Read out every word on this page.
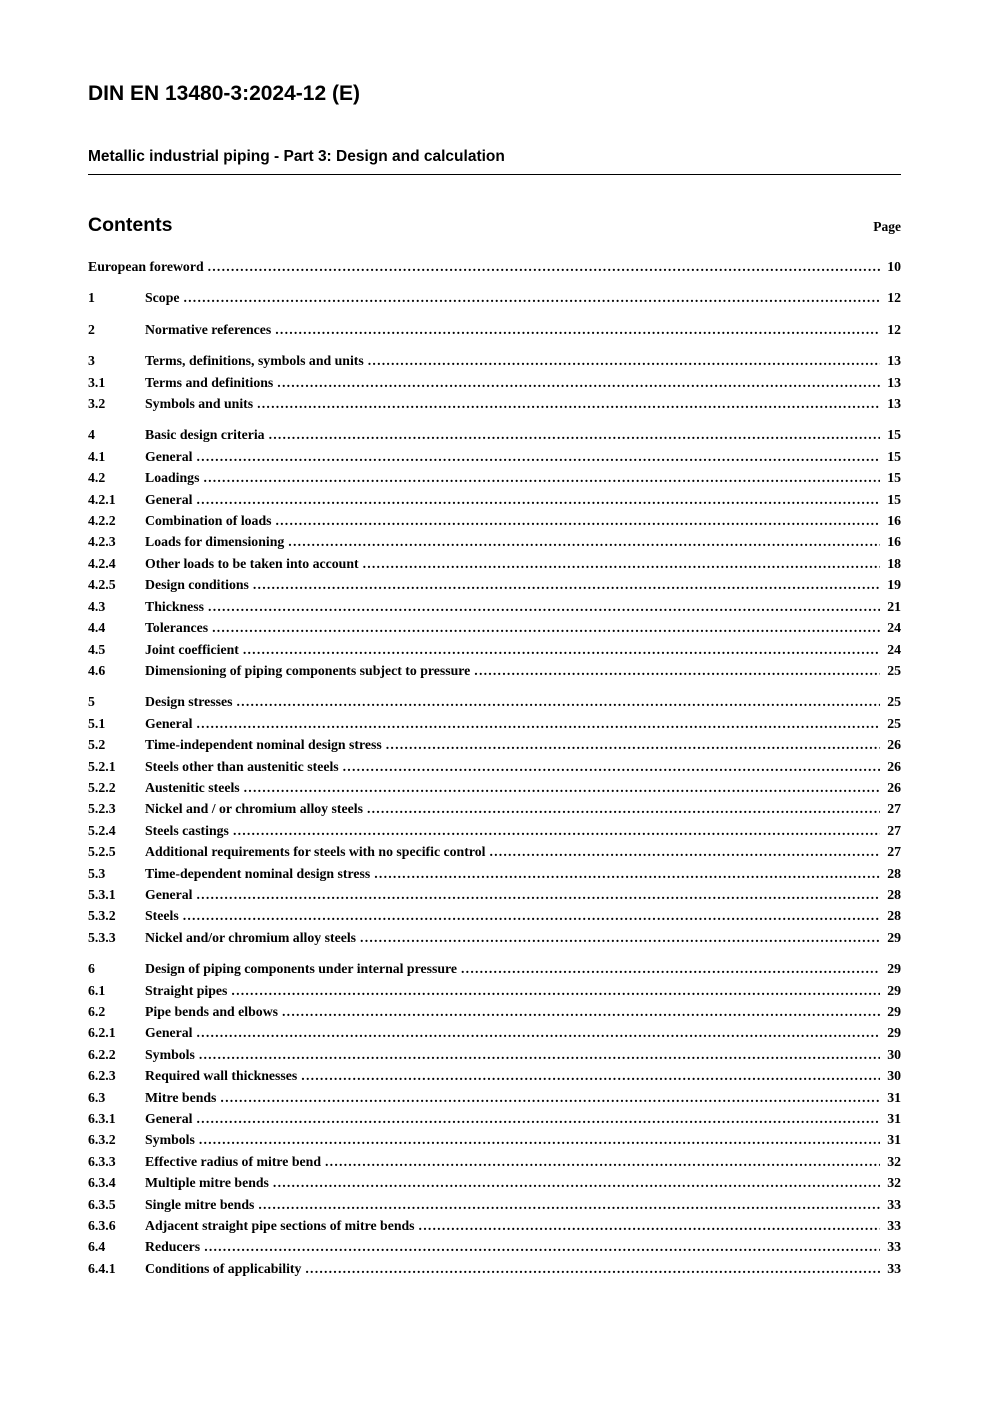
DIN EN 13480-3:2024-12 (E)
Metallic industrial piping - Part 3: Design and calculation
Contents	Page
European foreword .....	10
1	Scope .....	12
2	Normative references .....	12
3	Terms, definitions, symbols and units .....	13
3.1	Terms and definitions .....	13
3.2	Symbols and units .....	13
4	Basic design criteria .....	15
4.1	General .....	15
4.2	Loadings .....	15
4.2.1	General .....	15
4.2.2	Combination of loads .....	16
4.2.3	Loads for dimensioning .....	16
4.2.4	Other loads to be taken into account .....	18
4.2.5	Design conditions .....	19
4.3	Thickness .....	21
4.4	Tolerances .....	24
4.5	Joint coefficient .....	24
4.6	Dimensioning of piping components subject to pressure .....	25
5	Design stresses .....	25
5.1	General .....	25
5.2	Time-independent nominal design stress .....	26
5.2.1	Steels other than austenitic steels .....	26
5.2.2	Austenitic steels .....	26
5.2.3	Nickel and / or chromium alloy steels .....	27
5.2.4	Steels castings .....	27
5.2.5	Additional requirements for steels with no specific control .....	27
5.3	Time-dependent nominal design stress .....	28
5.3.1	General .....	28
5.3.2	Steels .....	28
5.3.3	Nickel and/or chromium alloy steels .....	29
6	Design of piping components under internal pressure .....	29
6.1	Straight pipes .....	29
6.2	Pipe bends and elbows .....	29
6.2.1	General .....	29
6.2.2	Symbols .....	30
6.2.3	Required wall thicknesses .....	30
6.3	Mitre bends .....	31
6.3.1	General .....	31
6.3.2	Symbols .....	31
6.3.3	Effective radius of mitre bend .....	32
6.3.4	Multiple mitre bends .....	32
6.3.5	Single mitre bends .....	33
6.3.6	Adjacent straight pipe sections of mitre bends .....	33
6.4	Reducers .....	33
6.4.1	Conditions of applicability .....	33
